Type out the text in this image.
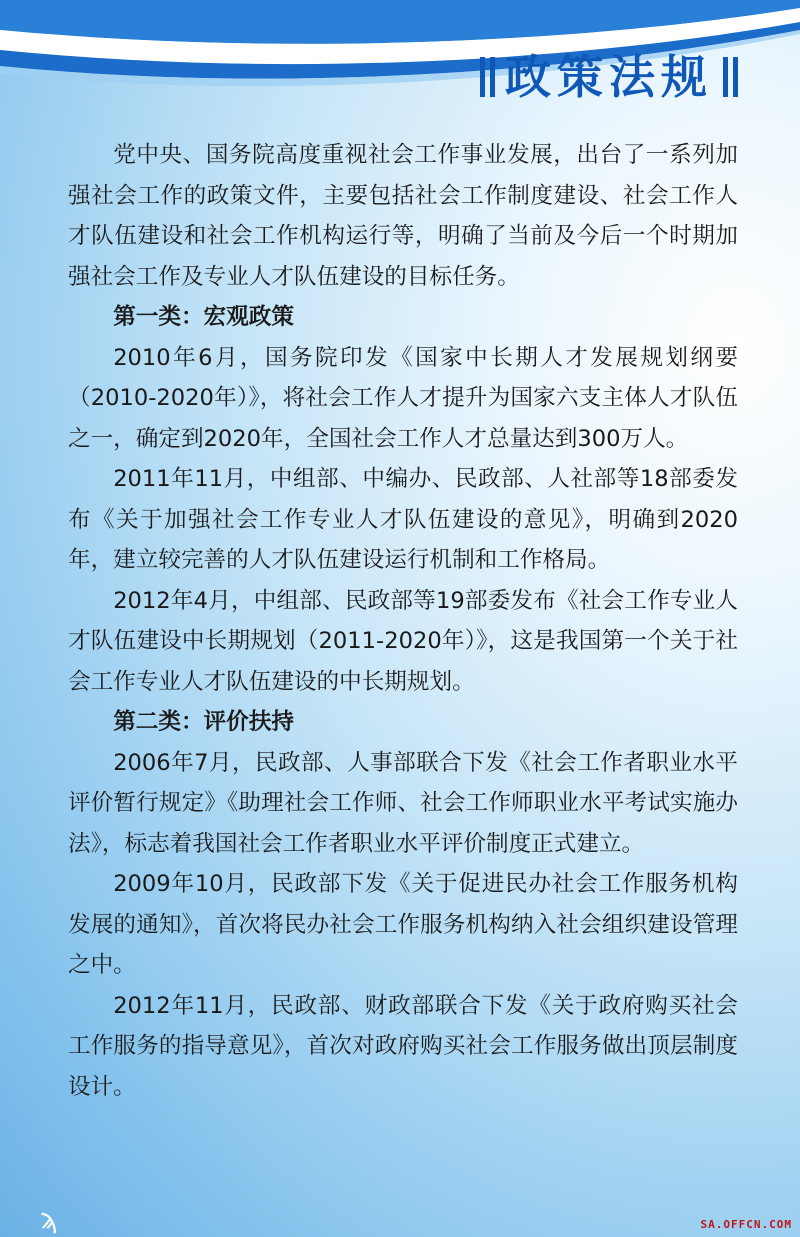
政策法规

党中央、国务院高度重视社会工作事业发展，出台了一系列加强社会工作的政策文件，主要包括社会工作制度建设、社会工作人才队伍建设和社会工作机构运行等，明确了当前及今后一个时期加强社会工作及专业人才队伍建设的目标任务。

第一类：宏观政策

2010年6月，国务院印发《国家中长期人才发展规划纲要（2010-2020年）》，将社会工作人才提升为国家六支主体人才队伍之一，确定到2020年，全国社会工作人才总量达到300万人。

2011年11月，中组部、中编办、民政部、人社部等18部委发布《关于加强社会工作专业人才队伍建设的意见》，明确到2020年，建立较完善的人才队伍建设运行机制和工作格局。

2012年4月，中组部、民政部等19部委发布《社会工作专业人才队伍建设中长期规划（2011-2020年）》，这是我国第一个关于社会工作专业人才队伍建设的中长期规划。

第二类：评价扶持

2006年7月，民政部、人事部联合下发《社会工作者职业水平评价暂行规定》《助理社会工作师、社会工作师职业水平考试实施办法》，标志着我国社会工作者职业水平评价制度正式建立。

2009年10月，民政部下发《关于促进民办社会工作服务机构发展的通知》，首次将民办社会工作服务机构纳入社会组织建设管理之中。

2012年11月，民政部、财政部联合下发《关于政府购买社会工作服务的指导意见》，首次对政府购买社会工作服务做出顶层制度设计。

ϡ	SA.OFFCN.COM
